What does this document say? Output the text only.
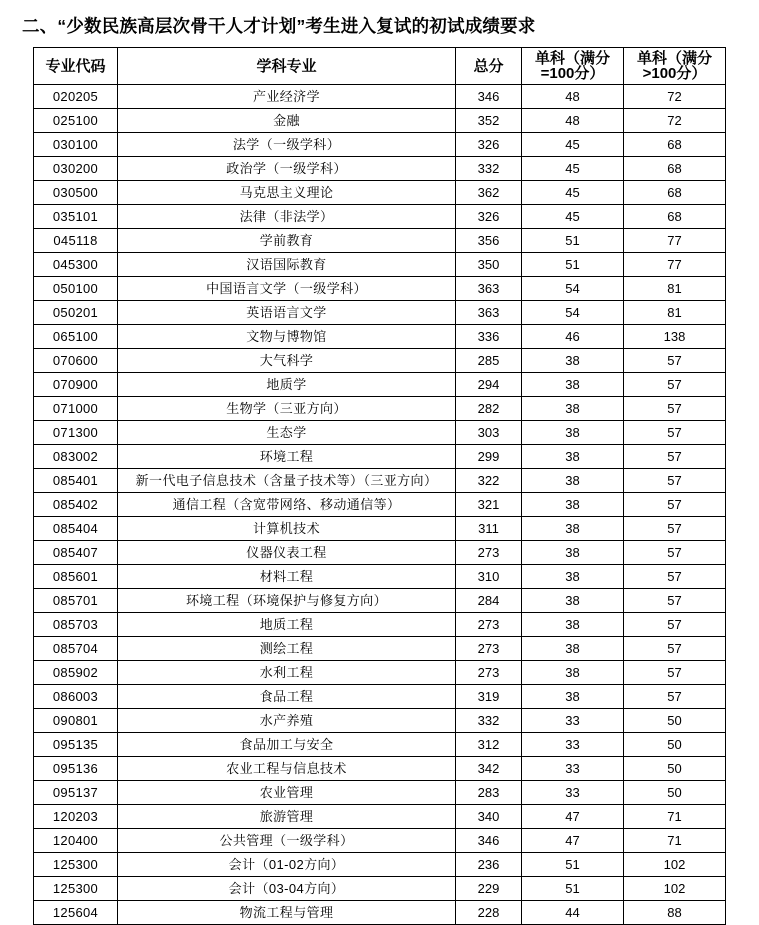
二、“少数民族高层次骨干人才计划”考生进入复试的初试成绩要求
专业代码	学科专业	总分	单科（满分=100分）	单科（满分>100分）
020205	产业经济学	346	48	72
025100	金融	352	48	72
030100	法学（一级学科）	326	45	68
030200	政治学（一级学科）	332	45	68
030500	马克思主义理论	362	45	68
035101	法律（非法学）	326	45	68
045118	学前教育	356	51	77
045300	汉语国际教育	350	51	77
050100	中国语言文学（一级学科）	363	54	81
050201	英语语言文学	363	54	81
065100	文物与博物馆	336	46	138
070600	大气科学	285	38	57
070900	地质学	294	38	57
071000	生物学（三亚方向）	282	38	57
071300	生态学	303	38	57
083002	环境工程	299	38	57
085401	新一代电子信息技术（含量子技术等）（三亚方向）	322	38	57
085402	通信工程（含宽带网络、移动通信等）	321	38	57
085404	计算机技术	311	38	57
085407	仪器仪表工程	273	38	57
085601	材料工程	310	38	57
085701	环境工程（环境保护与修复方向）	284	38	57
085703	地质工程	273	38	57
085704	测绘工程	273	38	57
085902	水利工程	273	38	57
086003	食品工程	319	38	57
090801	水产养殖	332	33	50
095135	食品加工与安全	312	33	50
095136	农业工程与信息技术	342	33	50
095137	农业管理	283	33	50
120203	旅游管理	340	47	71
120400	公共管理（一级学科）	346	47	71
125300	会计（01-02方向）	236	51	102
125300	会计（03-04方向）	229	51	102
125604	物流工程与管理	228	44	88
